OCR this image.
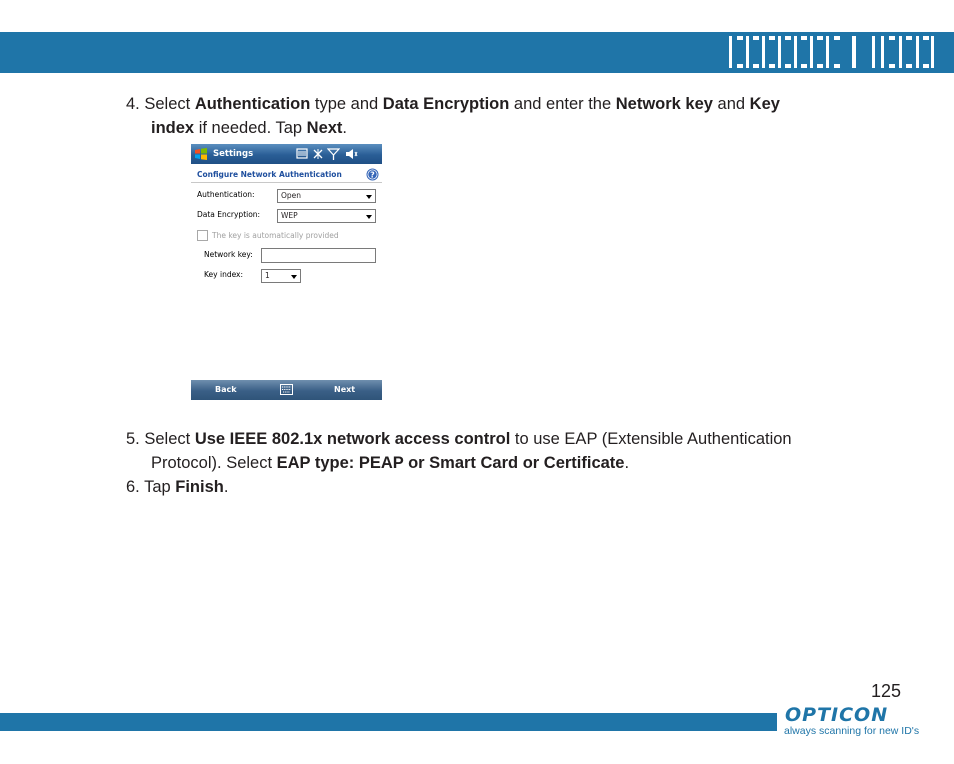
4. Select Authentication type and Data Encryption and enter the Network key and Key
index if needed. Tap Next.
Settings
Configure Network Authentication	?
Authentication:	Open
Data Encryption:	WEP
The key is automatically provided
Network key:
Key index:	1
Back	Next
5. Select Use IEEE 802.1x network access control to use EAP (Extensible Authentication
Protocol). Select EAP type: PEAP or Smart Card or Certificate.
6. Tap Finish.
125
OPTICON
always scanning for new ID's
